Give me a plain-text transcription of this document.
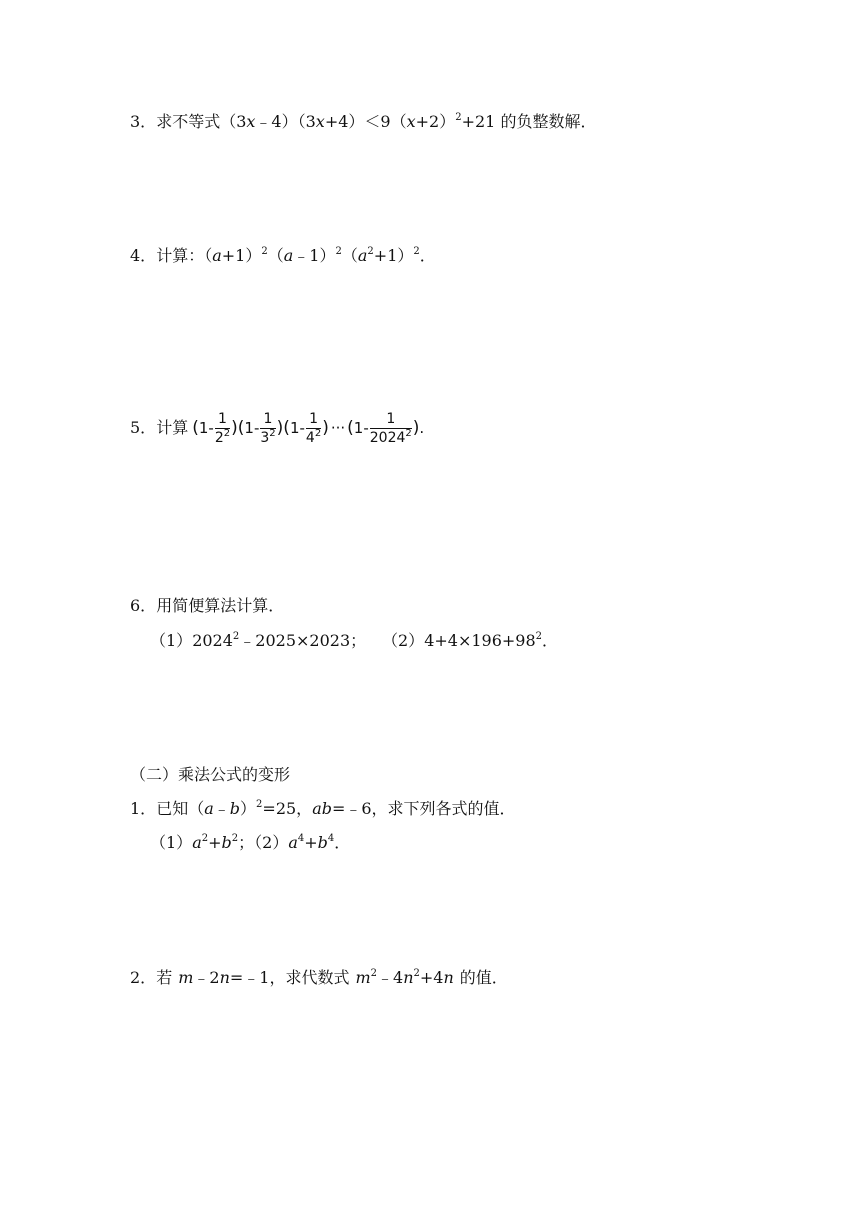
3．求不等式$(3x﹣4)(3x+4)<9(x+2)^2+21$ 的负整数解．
4．计算：$(a+1)^2(a﹣1)^2(a^2+1)^2$．
5．计算 ( $1 - \frac{1}{2^2}$ ) ( $1 - \frac{1}{3^2}$ ) ( $1 - \frac{1}{4^2}$ ) ··· ( $1 - \frac{1}{2024^2}$ ) .
6．用简便算法计算．
$(1)2024^2﹣2025\times 2023$； $(2)4+4\times 196+98^2$．
（二）乘法公式的变形
1．已知（a﹣b）$^2$=25，ab=﹣6，求下列各式的值．
$(1)a^2+b^2$；$(2)a^4+b^4$．
2．若 m﹣2n=﹣1，求代数式 $m^2﹣4n^2+4n$ 的值．
